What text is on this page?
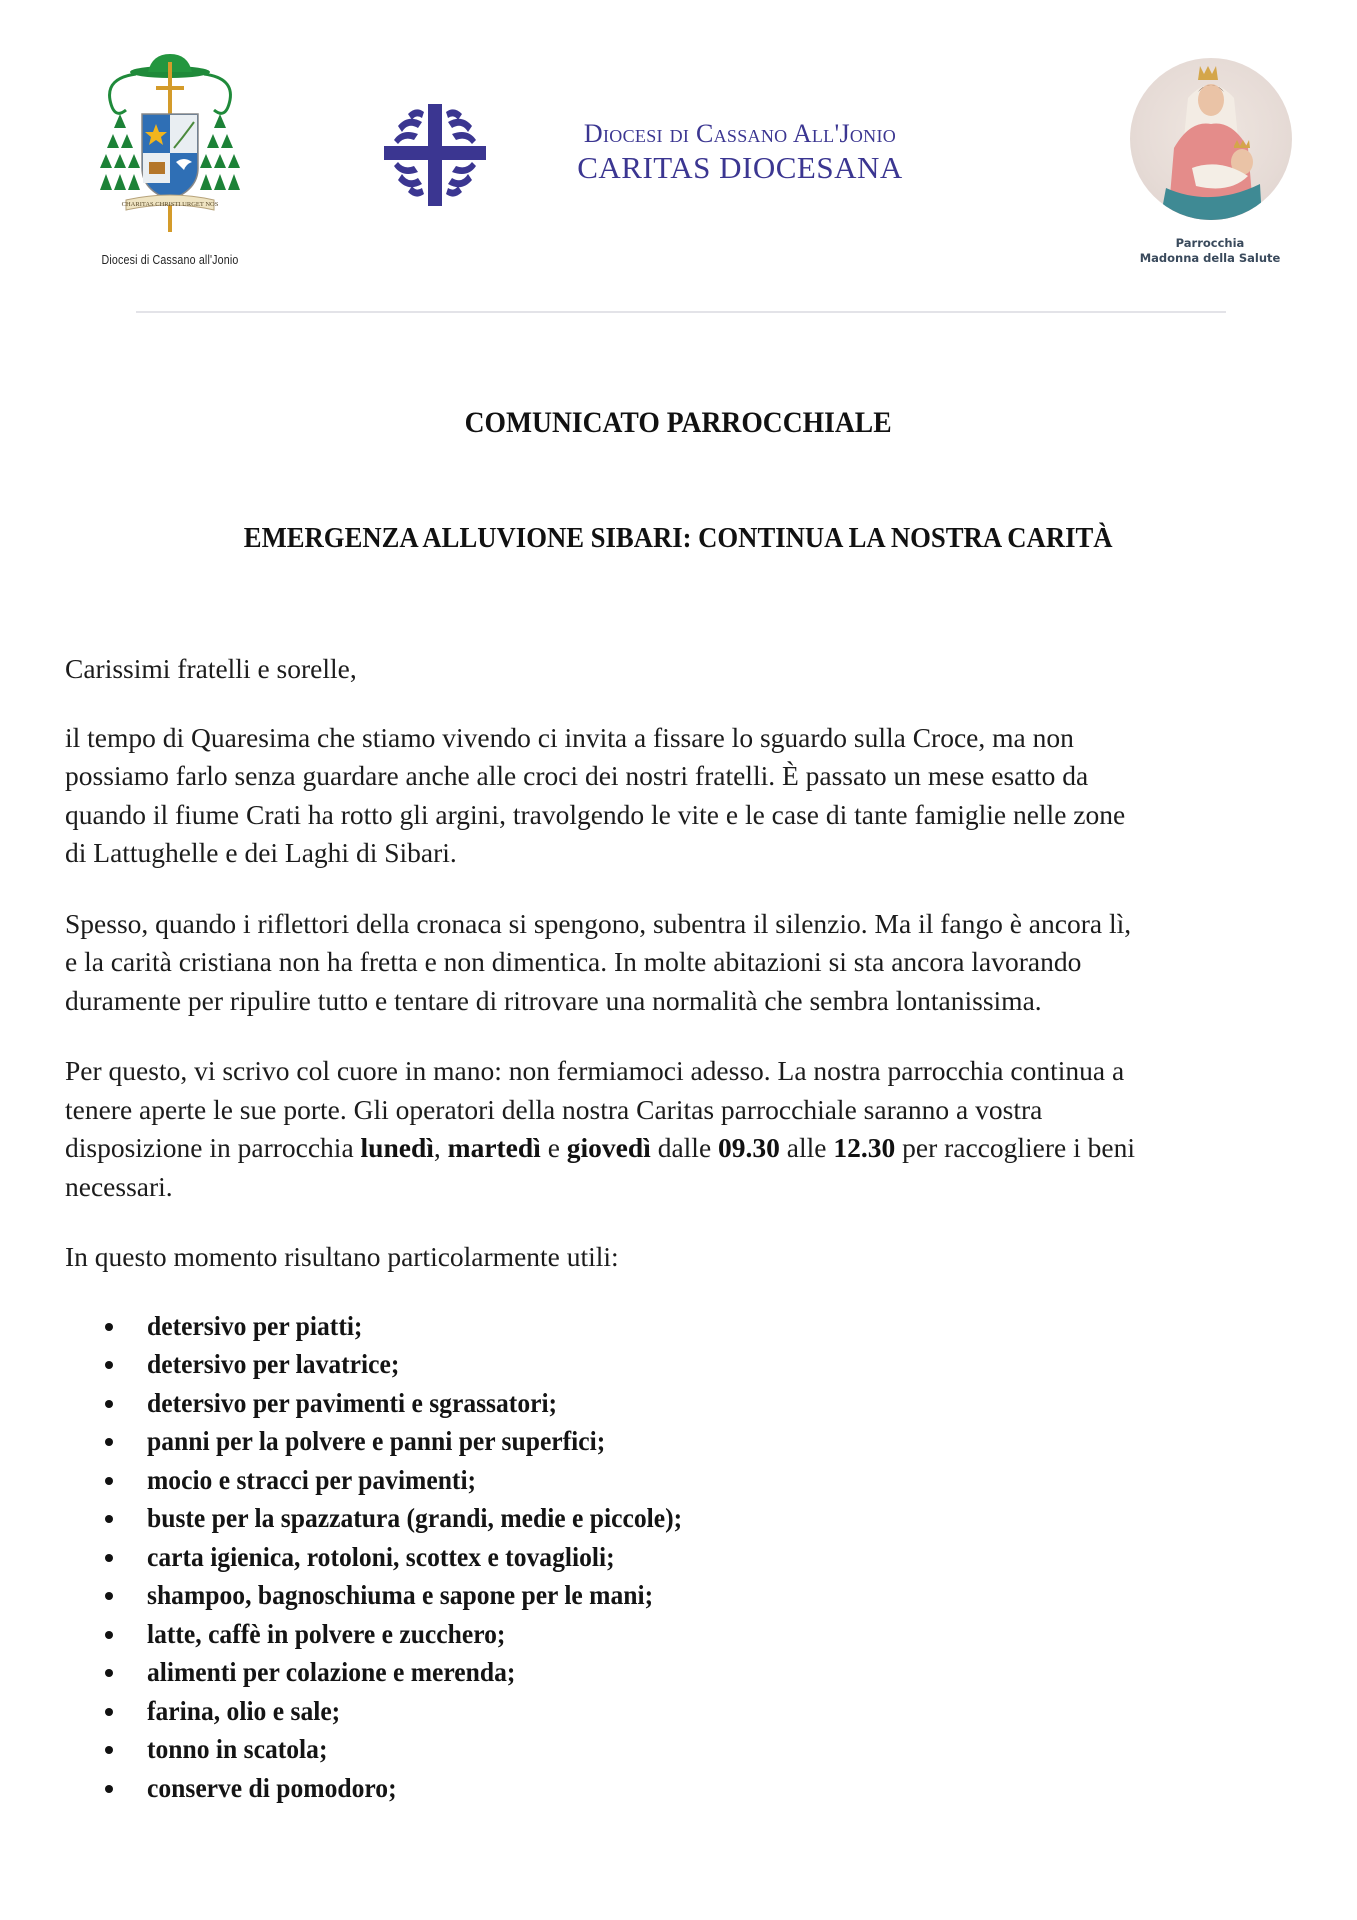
CHARITAS CHRISTI URGET NOS
Diocesi di Cassano all'Jonio
Diocesi di Cassano All'Jonio
CARITAS DIOCESANA
Parrocchia
Madonna della Salute
COMUNICATO PARROCCHIALE
EMERGENZA ALLUVIONE SIBARI: CONTINUA LA NOSTRA CARITÀ

Carissimi fratelli e sorelle,

il tempo di Quaresima che stiamo vivendo ci invita a fissare lo sguardo sulla Croce, ma non
possiamo farlo senza guardare anche alle croci dei nostri fratelli. È passato un mese esatto da
quando il fiume Crati ha rotto gli argini, travolgendo le vite e le case di tante famiglie nelle zone
di Lattughelle e dei Laghi di Sibari.

Spesso, quando i riflettori della cronaca si spengono, subentra il silenzio. Ma il fango è ancora lì,
e la carità cristiana non ha fretta e non dimentica. In molte abitazioni si sta ancora lavorando
duramente per ripulire tutto e tentare di ritrovare una normalità che sembra lontanissima.

Per questo, vi scrivo col cuore in mano: non fermiamoci adesso. La nostra parrocchia continua a
tenere aperte le sue porte. Gli operatori della nostra Caritas parrocchiale saranno a vostra
disposizione in parrocchia lunedì, martedì e giovedì dalle 09.30 alle 12.30 per raccogliere i beni
necessari.

In questo momento risultano particolarmente utili:

detersivo per piatti;
detersivo per lavatrice;
detersivo per pavimenti e sgrassatori;
panni per la polvere e panni per superfici;
mocio e stracci per pavimenti;
buste per la spazzatura (grandi, medie e piccole);
carta igienica, rotoloni, scottex e tovaglioli;
shampoo, bagnoschiuma e sapone per le mani;
latte, caffè in polvere e zucchero;
alimenti per colazione e merenda;
farina, olio e sale;
tonno in scatola;
conserve di pomodoro;
